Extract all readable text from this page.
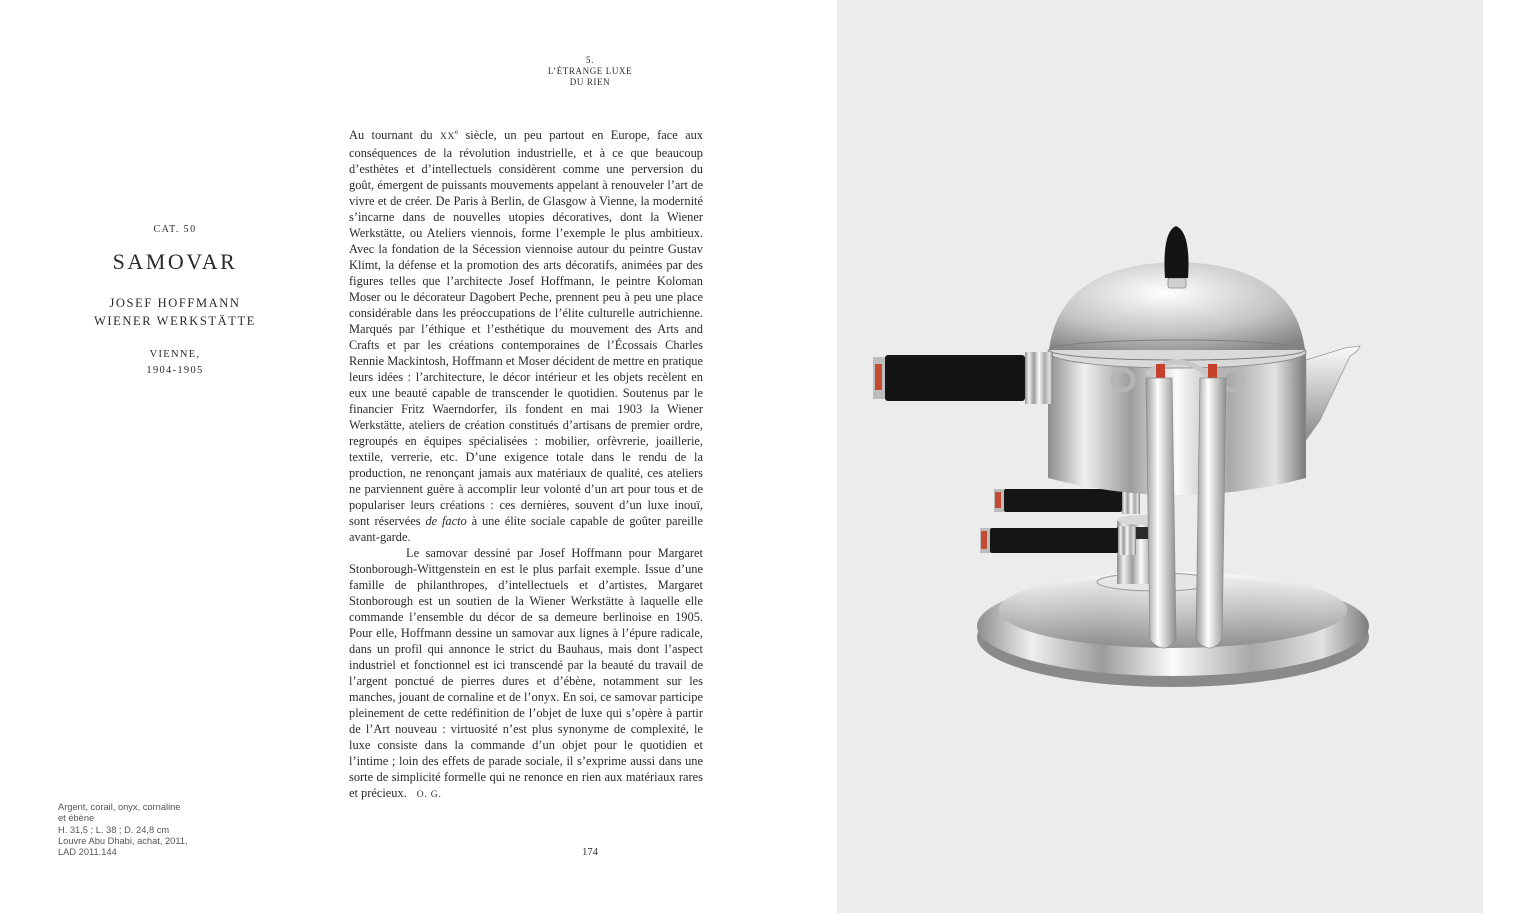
5.
L’ÉTRANGE LUXE
DU RIEN
CAT. 50
SAMOVAR
JOSEF HOFFMANN
WIENER WERKSTÄTTE
VIENNE,
1904-1905

Au tournant du XXe siècle, un peu partout en Europe, face aux conséquences de la révolution industrielle, et à ce que beaucoup d’esthètes et d’intellectuels considèrent comme une perversion du goût, émergent de puissants mouvements appelant à renouveler l’art de vivre et de créer. De Paris à Berlin, de Glasgow à Vienne, la modernité s’incarne dans de nouvelles utopies décoratives, dont la Wiener Werkstätte, ou Ateliers viennois, forme l’exemple le plus ambitieux. Avec la fondation de la Sécession viennoise autour du peintre Gustav Klimt, la défense et la promotion des arts décoratifs, animées par des figures telles que l’architecte Josef Hoffmann, le peintre Koloman Moser ou le décorateur Dagobert Peche, prennent peu à peu une place considérable dans les préoccupations de l’élite culturelle autrichienne. Marqués par l’éthique et l’esthétique du mouvement des Arts and Crafts et par les créations contemporaines de l’Écossais Charles Rennie Mackintosh, Hoffmann et Moser décident de mettre en pratique leurs idées : l’architecture, le décor intérieur et les objets recèlent en eux une beauté capable de transcender le quotidien. Soutenus par le financier Fritz Waerndorfer, ils fondent en mai 1903 la Wiener Werkstätte, ateliers de création constitués d’artisans de premier ordre, regroupés en équipes spécialisées : mobilier, orfèvrerie, joaillerie, textile, verrerie, etc. D’une exigence totale dans le rendu de la production, ne renonçant jamais aux matériaux de qualité, ces ateliers ne parviennent guère à accomplir leur volonté d’un art pour tous et de populariser leurs créations : ces dernières, souvent d’un luxe inouï, sont réservées de facto à une élite sociale capable de goûter pareille avant-garde.

Le samovar dessiné par Josef Hoffmann pour Margaret Stonborough-Wittgenstein en est le plus parfait exemple. Issue d’une famille de philanthropes, d’intellectuels et d’artistes, Margaret Stonborough est un soutien de la Wiener Werkstätte à laquelle elle commande l’ensemble du décor de sa demeure berlinoise en 1905. Pour elle, Hoffmann dessine un samovar aux lignes à l’épure radicale, dans un profil qui annonce le strict du Bauhaus, mais dont l’aspect industriel et fonctionnel est ici transcendé par la beauté du travail de l’argent ponctué de pierres dures et d’ébène, notamment sur les manches, jouant de cornaline et de l’onyx. En soi, ce samovar participe pleinement de cette redéfinition de l’objet de luxe qui s’opère à partir de l’Art nouveau : virtuosité n’est plus synonyme de complexité, le luxe consiste dans la commande d’un objet pour le quotidien et l’intime ; loin des effets de parade sociale, il s’exprime aussi dans une sorte de simplicité formelle qui ne renonce en rien aux matériaux rares et précieux. O. G.

Argent, corail, onyx, cornaline
et ébène
H. 31,5 ; L. 38 ; D. 24,8 cm
Louvre Abu Dhabi, achat, 2011,
LAD 2011.144	174
